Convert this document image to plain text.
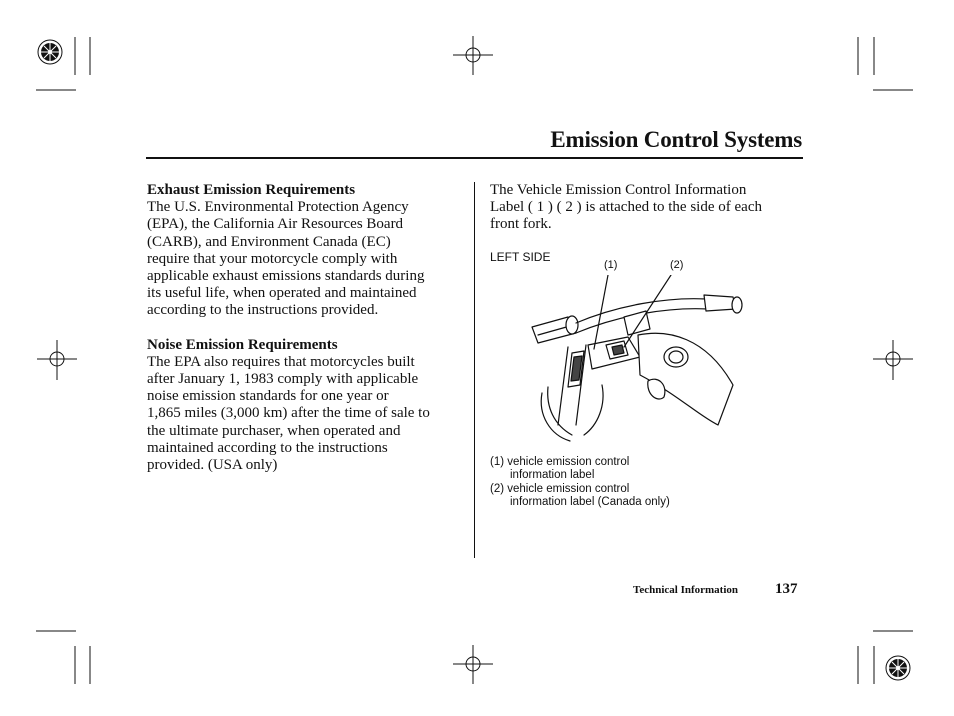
Emission Control Systems
Exhaust Emission Requirements

The U.S. Environmental Protection Agency

(EPA), the California Air Resources Board

(CARB), and Environment Canada (EC)

require that your motorcycle comply with

applicable exhaust emissions standards during

its useful life, when operated and maintained

according to the instructions provided.

Noise Emission Requirements

The EPA also requires that motorcycles built

after January 1, 1983 comply with applicable

noise emission standards for one year or

1,865 miles (3,000 km) after the time of sale to

the ultimate purchaser, when operated and

maintained according to the instructions

provided. (USA only)

The Vehicle Emission Control Information

Label ( 1 ) ( 2 ) is attached to the side of each

front fork.

LEFT SIDE
(1)	(2)
(1) vehicle emission control
information label
(2) vehicle emission control
information label (Canada only)
Technical Information 137
